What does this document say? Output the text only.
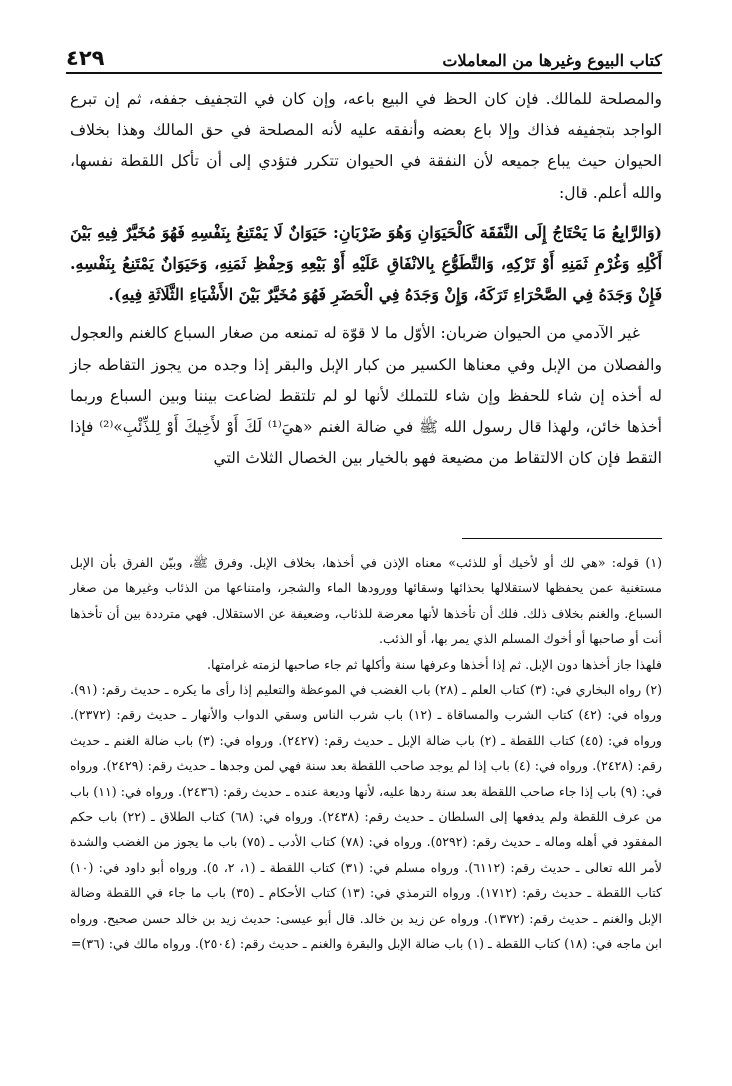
كتاب البيوع وغيرها من المعاملات
٤٢٩

والمصلحة للمالك. فإن كان الحظ في البيع باعه، وإن كان في التجفيف جففه، ثم إن تبرع الواجد بتجفيفه فذاك وإلا باع بعضه وأنفقه عليه لأنه المصلحة في حق المالك وهذا بخلاف الحيوان حيث يباع جميعه لأن النفقة في الحيوان تتكرر فتؤدي إلى أن تأكل اللقطة نفسها، والله أعلم. قال:

(وَالرَّابِعُ مَا يَحْتَاجُ إِلَى النَّفَقَة كَالْحَيَوَانِ وَهُوَ ضَرْبَانِ: حَيَوَانٌ لَا يَمْتَنِعُ بِنَفْسِهِ فَهُوَ مُخَيَّرٌ فِيهِ بَيْنَ أَكْلِهِ وَغُرْمِ ثَمَنِهِ أَوْ تَرْكِهِ، وَالتَّطَوُّعِ بِالانْفَاقِ عَلَيْهِ أَوْ بَيْعِهِ وَحِفْظِ ثَمَنِهِ، وَحَيَوَانٌ يَمْتَنِعُ بِنَفْسِهِ. فَإِنْ وَجَدَهُ فِي الصَّحْرَاءِ تَرَكَهُ، وَإِنْ وَجَدَهُ فِي الْحَضَرِ فَهُوَ مُخَيَّرٌ بَيْنَ الأَشْيَاءِ الثَّلَاثَةِ فِيهِ).

غير الآدمي من الحيوان ضربان: الأوّل ما لا قوّة له تمنعه من صغار السباع كالغنم والعجول والفصلان من الإبل وفي معناها الكسير من كبار الإبل والبقر إذا وجده من يجوز التقاطه جاز له أخذه إن شاء للحفظ وإن شاء للتملك لأنها لو لم تلتقط لضاعت بيننا وبين السباع وربما أخذها خائن، ولهذا قال رسول الله ﷺ في ضالة الغنم «هيَ⁽¹⁾ لَكَ أَوْ لأَخِيكَ أَوْ لِلذِّئْبِ»⁽²⁾ فإذا التقط فإن كان الالتقاط من مضيعة فهو بالخيار بين الخصال الثلاث التي

(١) قوله: «هي لك أو لأخيك أو للذئب» معناه الإذن في أخذها، بخلاف الإبل. وفرق ﷺ، وبيّن الفرق بأن الإبل مستغنية عمن يحفظها لاستقلالها بحذائها وسقائها وورودها الماء والشجر، وامتناعها من الذئاب وغيرها من صغار السباع. والغنم بخلاف ذلك. فلك أن تأخذها لأنها معرضة للذئاب، وضعيفة عن الاستقلال. فهي مترددة بين أن تأخذها أنت أو صاحبها أو أخوك المسلم الذي يمر بها، أو الذئب.

فلهذا جاز أخذها دون الإبل. ثم إذا أخذها وعرفها سنة وأكلها ثم جاء صاحبها لزمته غرامتها.

(٢) رواه البخاري في: (٣) كتاب العلم ـ (٢٨) باب الغضب في الموعظة والتعليم إذا رأى ما يكره ـ حديث رقم: (٩١). ورواه في: (٤٢) كتاب الشرب والمساقاة ـ (١٢) باب شرب الناس وسقي الدواب والأنهار ـ حديث رقم: (٢٣٧٢). ورواه في: (٤٥) كتاب اللقطة ـ (٢) باب ضالة الإبل ـ حديث رقم: (٢٤٢٧). ورواه في: (٣) باب ضالة الغنم ـ حديث رقم: (٢٤٢٨). ورواه في: (٤) باب إذا لم يوجد صاحب اللقطة بعد سنة فهي لمن وجدها ـ حديث رقم: (٢٤٢٩). ورواه في: (٩) باب إذا جاء صاحب اللقطة بعد سنة ردها عليه، لأنها وديعة عنده ـ حديث رقم: (٢٤٣٦). ورواه في: (١١) باب من عرف اللقطة ولم يدفعها إلى السلطان ـ حديث رقم: (٢٤٣٨). ورواه في: (٦٨) كتاب الطلاق ـ (٢٢) باب حكم المفقود في أهله وماله ـ حديث رقم: (٥٢٩٢). ورواه في: (٧٨) كتاب الأدب ـ (٧٥) باب ما يجوز من الغضب والشدة لأمر الله تعالى ـ حديث رقم: (٦١١٢). ورواه مسلم في: (٣١) كتاب اللقطة ـ (١، ٢، ٥). ورواه أبو داود في: (١٠) كتاب اللقطة ـ حديث رقم: (١٧١٢). ورواه الترمذي في: (١٣) كتاب الأحكام ـ (٣٥) باب ما جاء في اللقطة وضالة الإبل والغنم ـ حديث رقم: (١٣٧٢). ورواه عن زيد بن خالد. قال أبو عيسى: حديث زيد بن خالد حسن صحيح. ورواه ابن ماجه في: (١٨) كتاب اللقطة ـ (١) باب ضالة الإبل والبقرة والغنم ـ حديث رقم: (٢٥٠٤). ورواه مالك في: (٣٦)=
